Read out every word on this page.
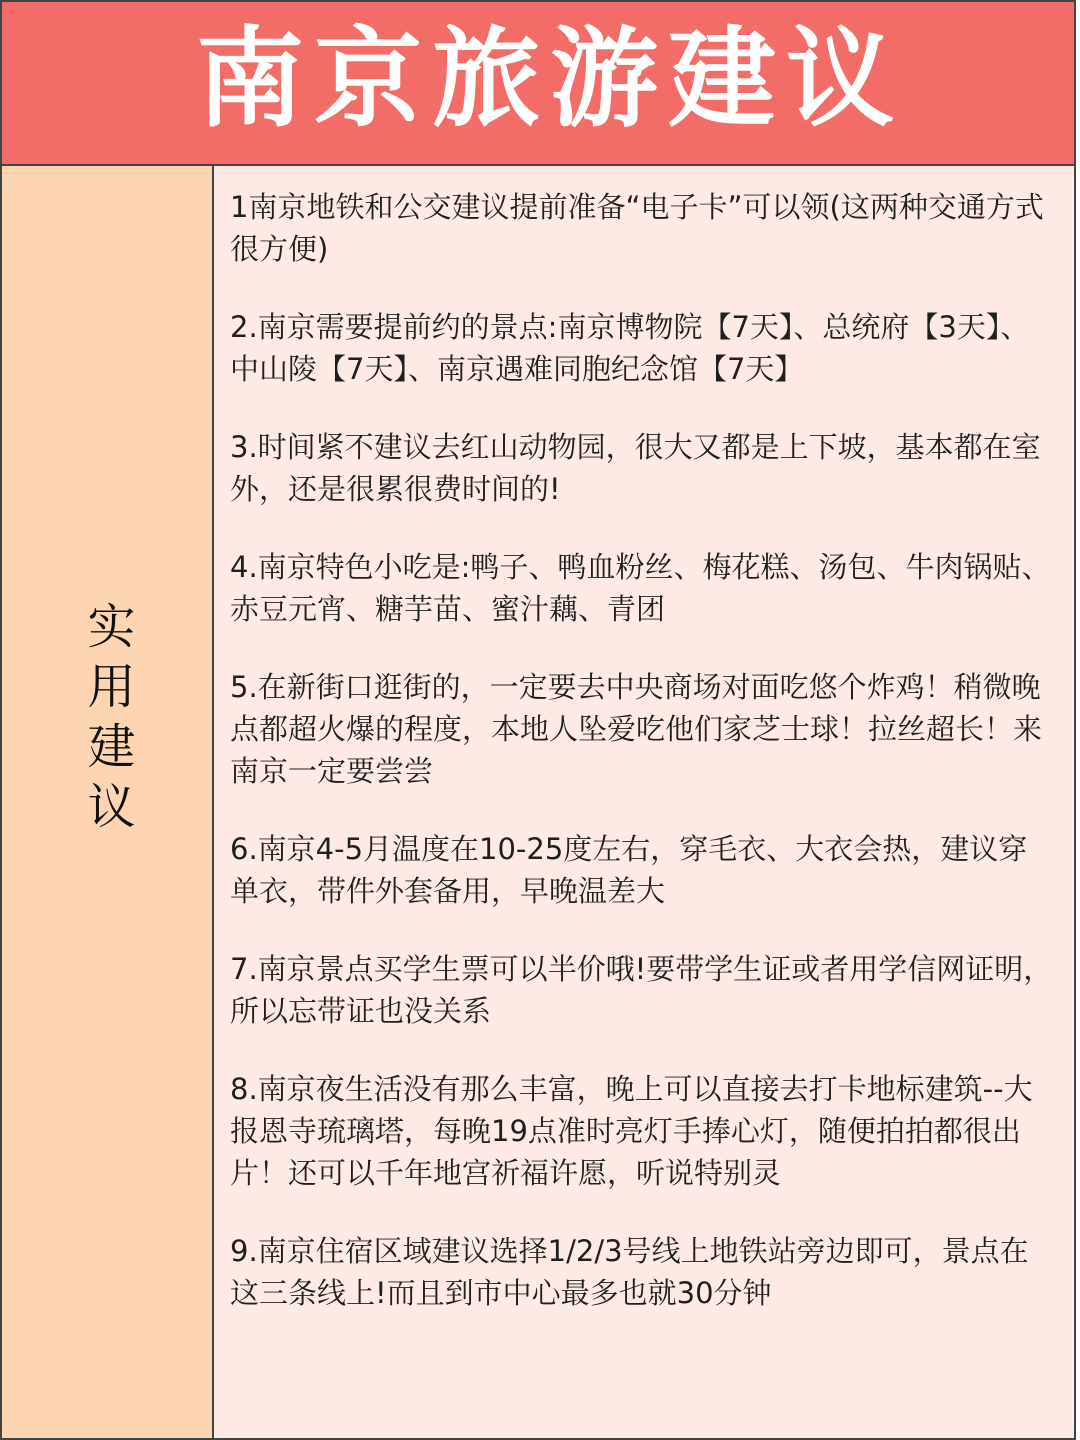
南京旅游建议
实用建议

1南京地铁和公交建议提前准备“电子卡”可以领(这两种交通方式很方便)

2.南京需要提前约的景点:南京博物院【7天】、总统府【3天】、中山陵【7天】、南京遇难同胞纪念馆【7天】

3.时间紧不建议去红山动物园，很大又都是上下坡，基本都在室外，还是很累很费时间的!

4.南京特色小吃是:鸭子、鸭血粉丝、梅花糕、汤包、牛肉锅贴、赤豆元宵、糖芋苗、蜜汁藕、青团

5.在新街口逛街的，一定要去中央商场对面吃悠个炸鸡！稍微晚点都超火爆的程度，本地人坠爱吃他们家芝士球！拉丝超长！来南京一定要尝尝

6.南京4-5月温度在10-25度左右，穿毛衣、大衣会热，建议穿单衣，带件外套备用，早晚温差大

7.南京景点买学生票可以半价哦!要带学生证或者用学信网证明，所以忘带证也没关系

8.南京夜生活没有那么丰富，晚上可以直接去打卡地标建筑--大报恩寺琉璃塔，每晚19点准时亮灯手捧心灯，随便拍拍都很出片！还可以千年地宫祈福许愿，听说特别灵

9.南京住宿区域建议选择1/2/3号线上地铁站旁边即可，景点在这三条线上!而且到市中心最多也就30分钟
